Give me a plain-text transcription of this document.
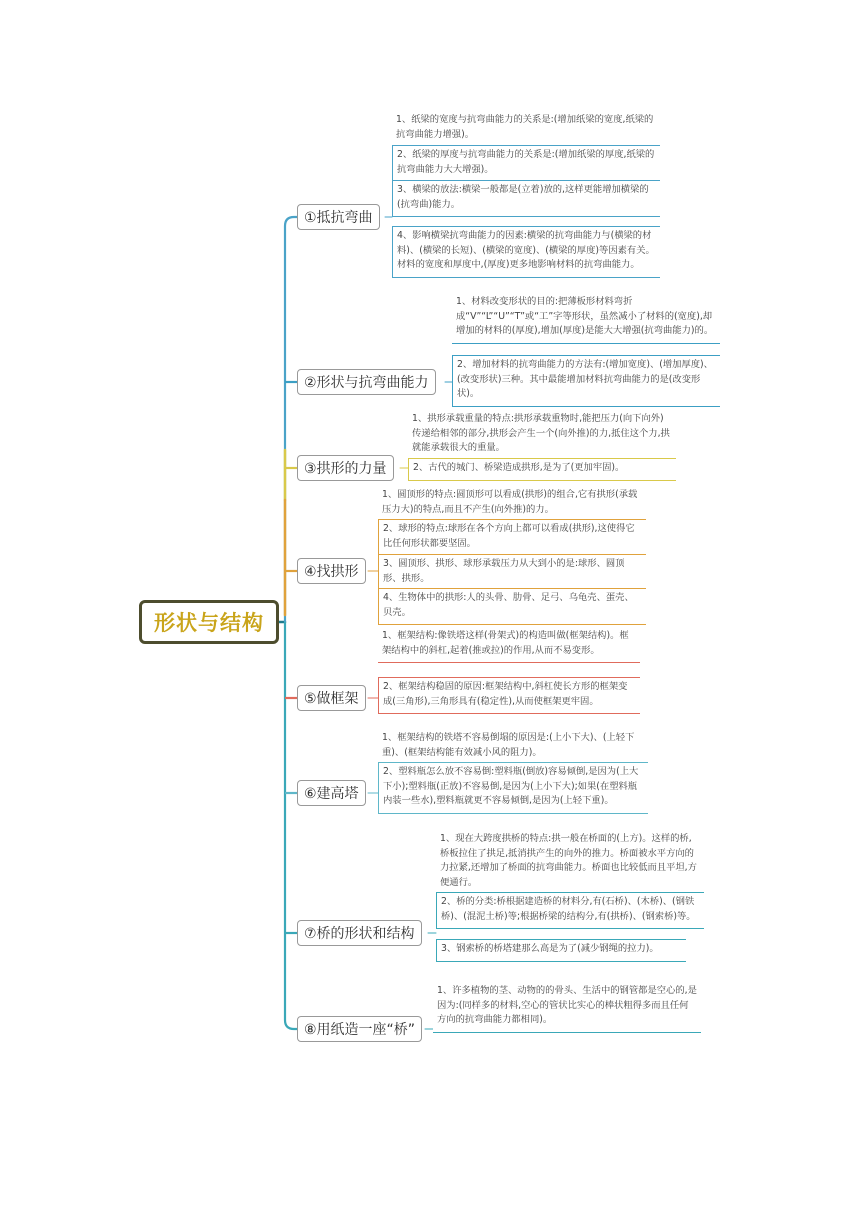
形状与结构
①抵抗弯曲
1、纸梁的宽度与抗弯曲能力的关系是:(增加纸梁的宽度,纸梁的抗弯曲能力增强)。
2、纸梁的厚度与抗弯曲能力的关系是:(增加纸梁的厚度,纸梁的抗弯曲能力大大增强)。
3、横梁的放法:横梁一般都是(立着)放的,这样更能增加横梁的(抗弯曲)能力。
4、影响横梁抗弯曲能力的因素:横梁的抗弯曲能力与(横梁的材料)、(横梁的长短)、(横梁的宽度)、(横梁的厚度)等因素有关。材料的宽度和厚度中,(厚度)更多地影响材料的抗弯曲能力。
②形状与抗弯曲能力
1、材料改变形状的目的:把薄板形材料弯折成“V”“L”“U”“T”或“工”字等形状，虽然减小了材料的(宽度),却增加的材料的(厚度),增加(厚度)是能大大增强(抗弯曲能力)的。
2、增加材料的抗弯曲能力的方法有:(增加宽度)、(增加厚度)、(改变形状)三种。其中最能增加材料抗弯曲能力的是(改变形状)。
③拱形的力量
1、拱形承载重量的特点:拱形承载重物时,能把压力(向下向外)传递给相邻的部分,拱形会产生一个(向外推)的力,抵住这个力,拱就能承载很大的重量。
2、古代的城门、桥梁造成拱形,是为了(更加牢固)。
④找拱形
1、圆顶形的特点:圆顶形可以看成(拱形)的组合,它有拱形(承载压力大)的特点,而且不产生(向外推)的力。
2、球形的特点:球形在各个方向上都可以看成(拱形),这使得它比任何形状都要坚固。
3、圆顶形、拱形、球形承载压力从大到小的是:球形、圆顶形、拱形。
4、生物体中的拱形:人的头骨、肋骨、足弓、乌龟壳、蛋壳、贝壳。
⑤做框架
1、框架结构:像铁塔这样(骨架式)的构造叫做(框架结构)。框架结构中的斜杠,起着(推或拉)的作用,从而不易变形。
2、框架结构稳固的原因:框架结构中,斜杠使长方形的框架变成(三角形),三角形具有(稳定性),从而使框架更牢固。
⑥建高塔
1、框架结构的铁塔不容易倒塌的原因是:(上小下大)、(上轻下重)、(框架结构能有效减小风的阻力)。
2、塑料瓶怎么放不容易倒:塑料瓶(倒放)容易倾倒,是因为(上大下小);塑料瓶(正放)不容易倒,是因为(上小下大);如果(在塑料瓶内装一些水),塑料瓶就更不容易倾倒,是因为(上轻下重)。
⑦桥的形状和结构
1、现在大跨度拱桥的特点:拱一般在桥面的(上方)。这样的桥,桥板拉住了拱足,抵消拱产生的向外的推力。桥面被水平方向的力拉紧,还增加了桥面的抗弯曲能力。桥面也比较低而且平坦,方便通行。
2、桥的分类:桥根据建造桥的材料分,有(石桥)、(木桥)、(钢铁桥)、(混泥土桥)等;根据桥梁的结构分,有(拱桥)、(钢索桥)等。
3、钢索桥的桥塔建那么高是为了(减少钢绳的拉力)。
⑧用纸造一座“桥”
1、许多植物的茎、动物的的骨头、生活中的钢管都是空心的,是因为:(同样多的材料,空心的管状比实心的棒状粗得多而且任何方向的抗弯曲能力都相同)。
